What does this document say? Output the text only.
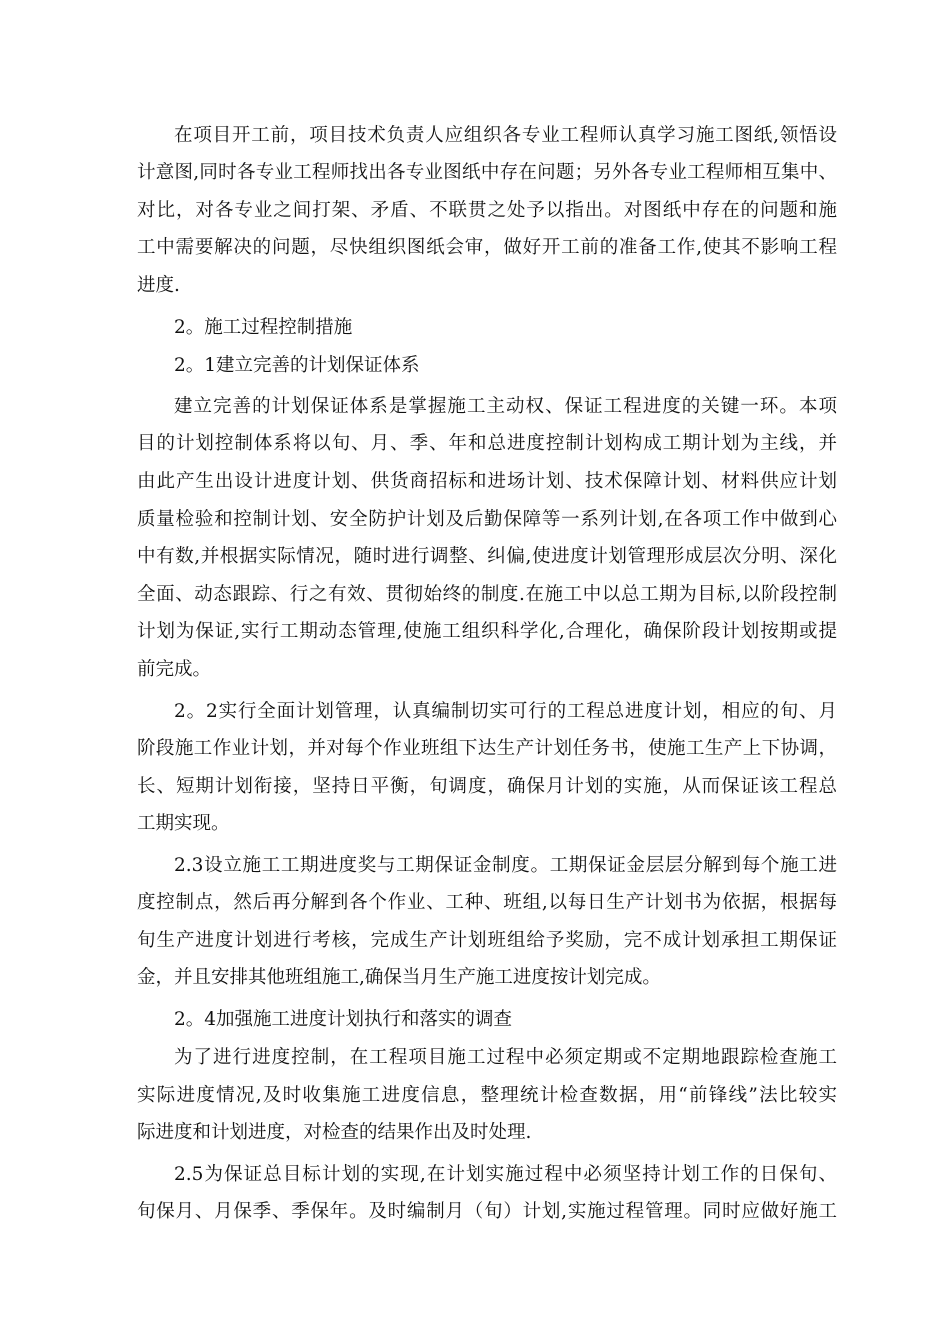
在项目开工前，项目技术负责人应组织各专业工程师认真学习施工图纸,领悟设
计意图,同时各专业工程师找出各专业图纸中存在问题；另外各专业工程师相互集中、
对比，对各专业之间打架、矛盾、不联贯之处予以指出。对图纸中存在的问题和施
工中需要解决的问题，尽快组织图纸会审，做好开工前的准备工作,使其不影响工程
进度.
2。施工过程控制措施
2。1建立完善的计划保证体系
建立完善的计划保证体系是掌握施工主动权、保证工程进度的关键一环。本项
目的计划控制体系将以旬、月、季、年和总进度控制计划构成工期计划为主线，并
由此产生出设计进度计划、供货商招标和进场计划、技术保障计划、材料供应计划
质量检验和控制计划、安全防护计划及后勤保障等一系列计划,在各项工作中做到心
中有数,并根据实际情况，随时进行调整、纠偏,使进度计划管理形成层次分明、深化
全面、动态跟踪、行之有效、贯彻始终的制度.在施工中以总工期为目标,以阶段控制
计划为保证,实行工期动态管理,使施工组织科学化,合理化，确保阶段计划按期或提
前完成。
2。2实行全面计划管理，认真编制切实可行的工程总进度计划，相应的旬、月
阶段施工作业计划，并对每个作业班组下达生产计划任务书，使施工生产上下协调，
长、短期计划衔接，坚持日平衡，旬调度，确保月计划的实施，从而保证该工程总
工期实现。
2.3设立施工工期进度奖与工期保证金制度。工期保证金层层分解到每个施工进
度控制点，然后再分解到各个作业、工种、班组,以每日生产计划书为依据，根据每
旬生产进度计划进行考核，完成生产计划班组给予奖励，完不成计划承担工期保证
金，并且安排其他班组施工,确保当月生产施工进度按计划完成。
2。4加强施工进度计划执行和落实的调查
为了进行进度控制，在工程项目施工过程中必须定期或不定期地跟踪检查施工
实际进度情况,及时收集施工进度信息，整理统计检查数据，用“前锋线”法比较实
际进度和计划进度，对检查的结果作出及时处理.
2.5为保证总目标计划的实现,在计划实施过程中必须坚持计划工作的日保旬、
旬保月、月保季、季保年。及时编制月（旬）计划,实施过程管理。同时应做好施工
